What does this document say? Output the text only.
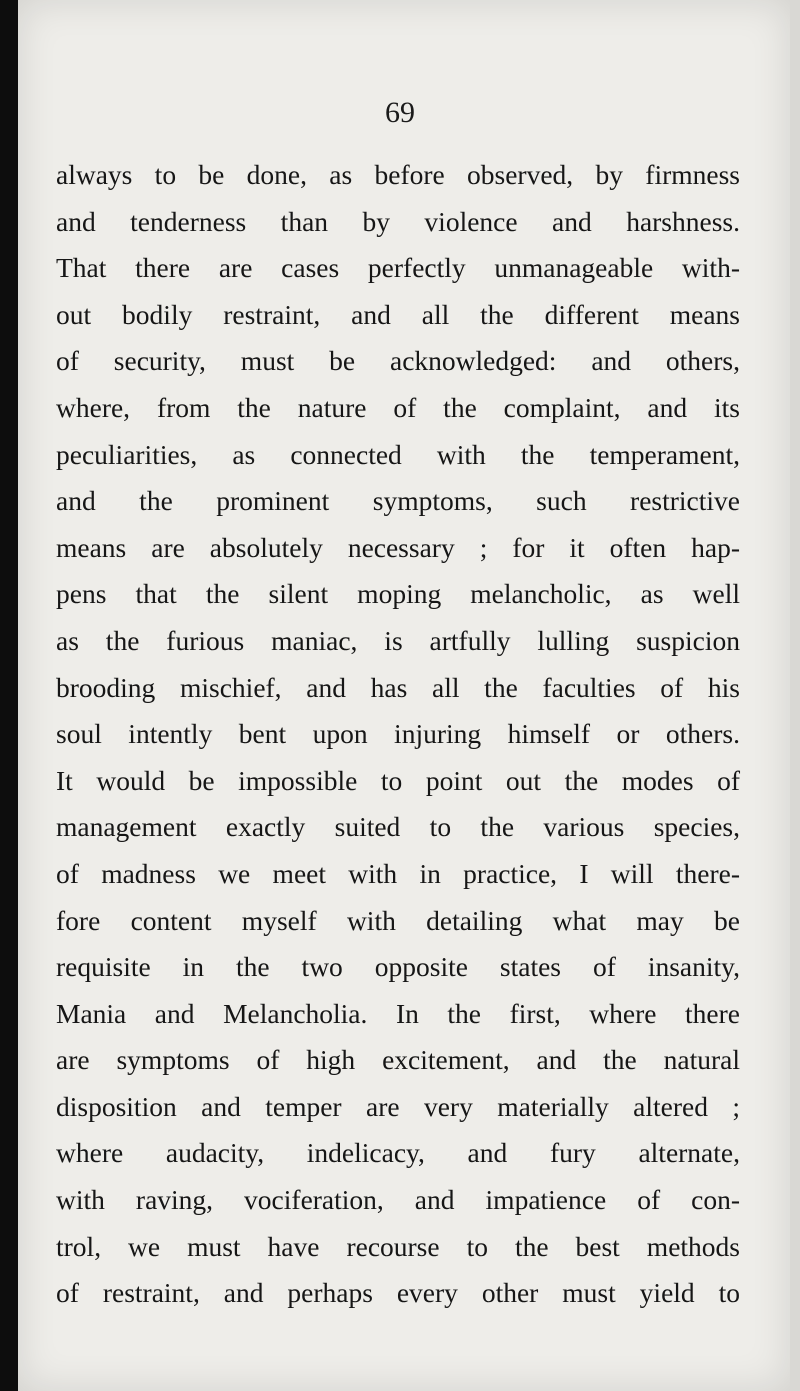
69
always to be done, as before observed, by firmness
and tenderness than by violence and harshness.
That there are cases perfectly unmanageable with-
out bodily restraint, and all the different means
of security, must be acknowledged: and others,
where, from the nature of the complaint, and its
peculiarities, as connected with the temperament,
and the prominent symptoms, such restrictive
means are absolutely necessary ; for it often hap-
pens that the silent moping melancholic, as well
as the furious maniac, is artfully lulling suspicion
brooding mischief, and has all the faculties of his
soul intently bent upon injuring himself or others.
It would be impossible to point out the modes of
management exactly suited to the various species,
of madness we meet with in practice, I will there-
fore content myself with detailing what may be
requisite in the two opposite states of insanity,
Mania and Melancholia. In the first, where there
are symptoms of high excitement, and the natural
disposition and temper are very materially altered ;
where audacity, indelicacy, and fury alternate,
with raving, vociferation, and impatience of con-
trol, we must have recourse to the best methods
of restraint, and perhaps every other must yield to
